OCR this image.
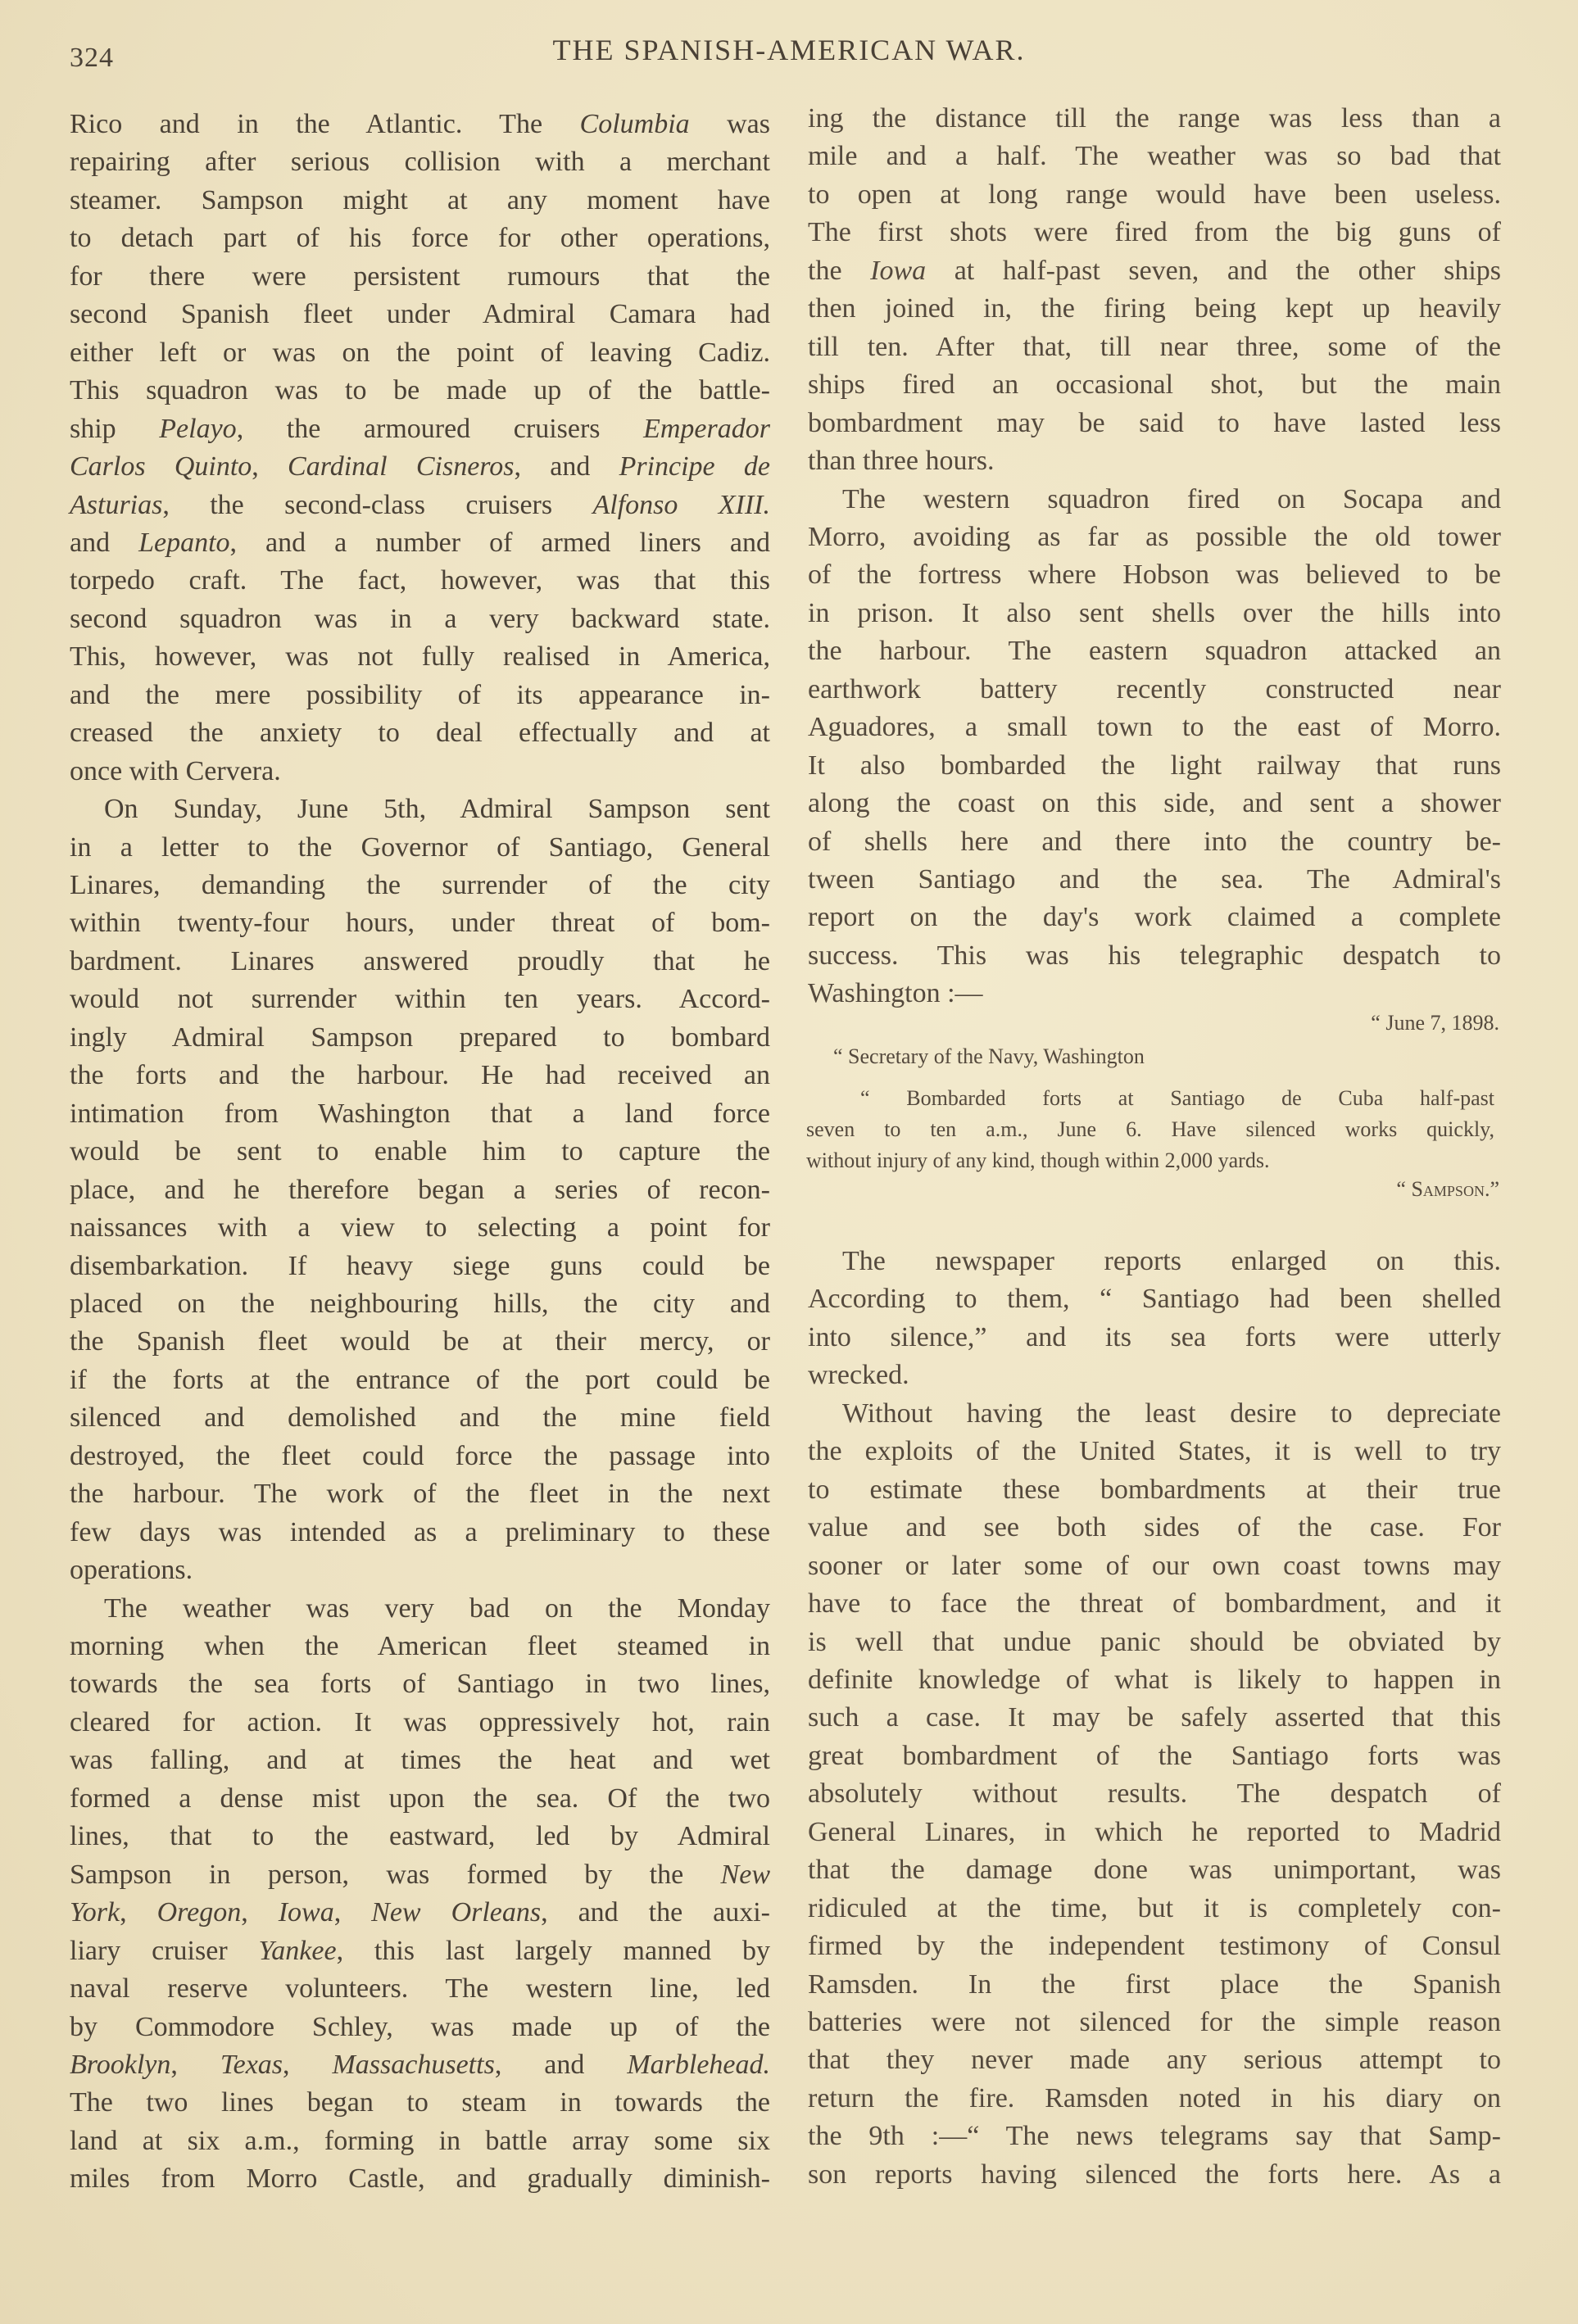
324	THE SPANISH-AMERICAN WAR.
Rico and in the Atlantic. The Columbia was
repairing after serious collision with a merchant
steamer. Sampson might at any moment have
to detach part of his force for other operations,
for there were persistent rumours that the
second Spanish fleet under Admiral Camara had
either left or was on the point of leaving Cadiz.
This squadron was to be made up of the battle-
ship Pelayo, the armoured cruisers Emperador
Carlos Quinto, Cardinal Cisneros, and Principe de
Asturias, the second-class cruisers Alfonso XIII.
and Lepanto, and a number of armed liners and
torpedo craft. The fact, however, was that this
second squadron was in a very backward state.
This, however, was not fully realised in America,
and the mere possibility of its appearance in-
creased the anxiety to deal effectually and at
once with Cervera.
On Sunday, June 5th, Admiral Sampson sent
in a letter to the Governor of Santiago, General
Linares, demanding the surrender of the city
within twenty-four hours, under threat of bom-
bardment. Linares answered proudly that he
would not surrender within ten years. Accord-
ingly Admiral Sampson prepared to bombard
the forts and the harbour. He had received an
intimation from Washington that a land force
would be sent to enable him to capture the
place, and he therefore began a series of recon-
naissances with a view to selecting a point for
disembarkation. If heavy siege guns could be
placed on the neighbouring hills, the city and
the Spanish fleet would be at their mercy, or
if the forts at the entrance of the port could be
silenced and demolished and the mine field
destroyed, the fleet could force the passage into
the harbour. The work of the fleet in the next
few days was intended as a preliminary to these
operations.
The weather was very bad on the Monday
morning when the American fleet steamed in
towards the sea forts of Santiago in two lines,
cleared for action. It was oppressively hot, rain
was falling, and at times the heat and wet
formed a dense mist upon the sea. Of the two
lines, that to the eastward, led by Admiral
Sampson in person, was formed by the New
York, Oregon, Iowa, New Orleans, and the auxi-
liary cruiser Yankee, this last largely manned by
naval reserve volunteers. The western line, led
by Commodore Schley, was made up of the
Brooklyn, Texas, Massachusetts, and Marblehead.
The two lines began to steam in towards the
land at six a.m., forming in battle array some six
miles from Morro Castle, and gradually diminish-
ing the distance till the range was less than a
mile and a half. The weather was so bad that
to open at long range would have been useless.
The first shots were fired from the big guns of
the Iowa at half-past seven, and the other ships
then joined in, the firing being kept up heavily
till ten. After that, till near three, some of the
ships fired an occasional shot, but the main
bombardment may be said to have lasted less
than three hours.
The western squadron fired on Socapa and
Morro, avoiding as far as possible the old tower
of the fortress where Hobson was believed to be
in prison. It also sent shells over the hills into
the harbour. The eastern squadron attacked an
earthwork battery recently constructed near
Aguadores, a small town to the east of Morro.
It also bombarded the light railway that runs
along the coast on this side, and sent a shower
of shells here and there into the country be-
tween Santiago and the sea. The Admiral's
report on the day's work claimed a complete
success. This was his telegraphic despatch to
Washington :—
The newspaper reports enlarged on this.
According to them, “ Santiago had been shelled
into silence,” and its sea forts were utterly
wrecked.
Without having the least desire to depreciate
the exploits of the United States, it is well to try
to estimate these bombardments at their true
value and see both sides of the case. For
sooner or later some of our own coast towns may
have to face the threat of bombardment, and it
is well that undue panic should be obviated by
definite knowledge of what is likely to happen in
such a case. It may be safely asserted that this
great bombardment of the Santiago forts was
absolutely without results. The despatch of
General Linares, in which he reported to Madrid
that the damage done was unimportant, was
ridiculed at the time, but it is completely con-
firmed by the independent testimony of Consul
Ramsden. In the first place the Spanish
batteries were not silenced for the simple reason
that they never made any serious attempt to
return the fire. Ramsden noted in his diary on
the 9th :—“ The news telegrams say that Samp-
son reports having silenced the forts here. As a
“ June 7, 1898.
“ Secretary of the Navy, Washington
“ Bombarded forts at Santiago de Cuba half-past
seven to ten a.m., June 6. Have silenced works quickly,
without injury of any kind, though within 2,000 yards.
“ Sampson.”
